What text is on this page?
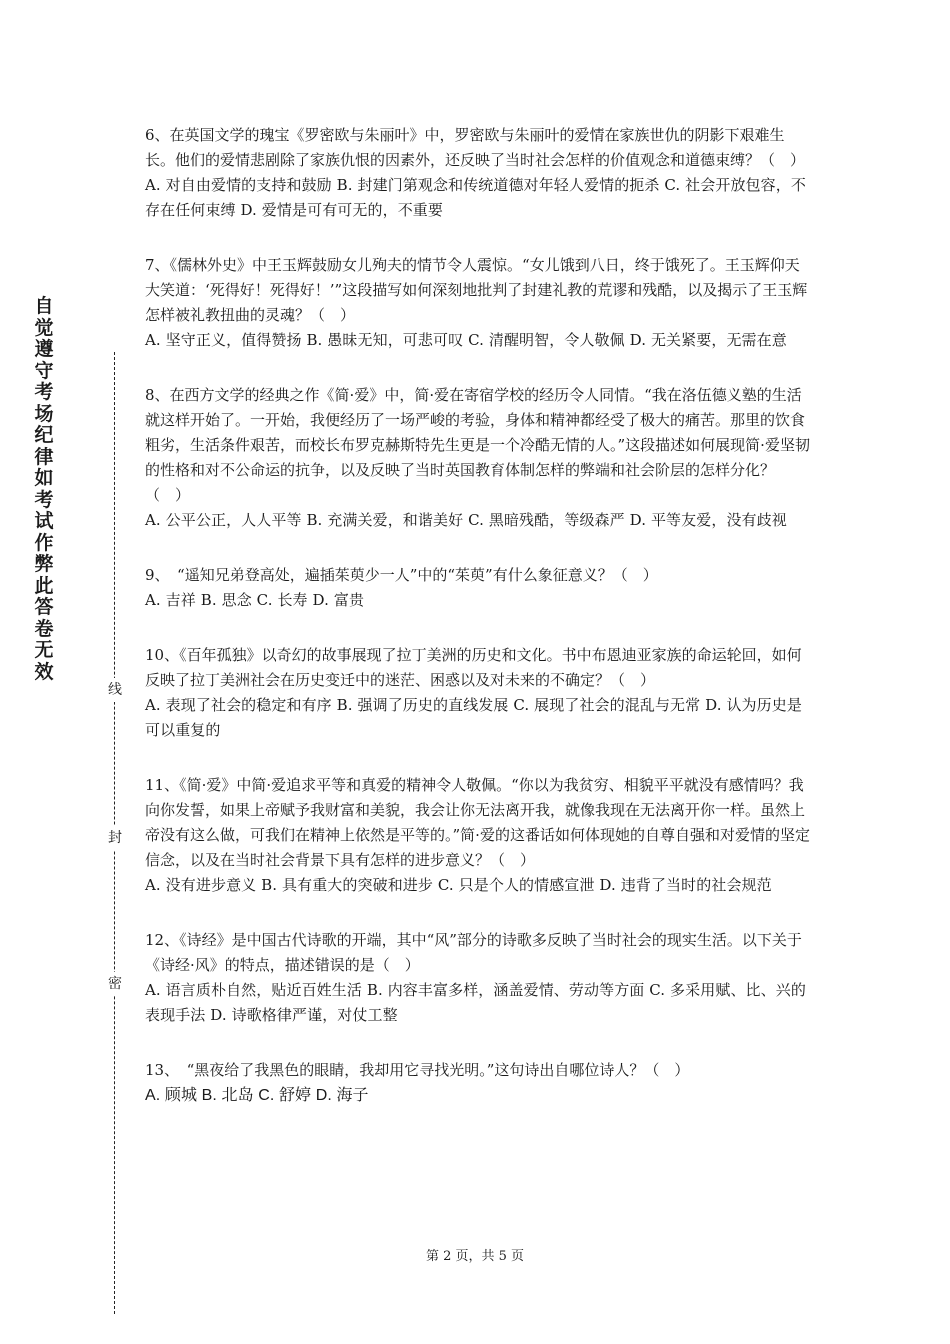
自觉遵守考场纪律如考试作弊此答卷无效
线
封
密

6、在英国文学的瑰宝《罗密欧与朱丽叶》中，罗密欧与朱丽叶的爱情在家族世仇的阴影下艰难生长。他们的爱情悲剧除了家族仇恨的因素外，还反映了当时社会怎样的价值观念和道德束缚？（　）

A. 对自由爱情的支持和鼓励 B. 封建门第观念和传统道德对年轻人爱情的扼杀 C. 社会开放包容，不存在任何束缚 D. 爱情是可有可无的，不重要

7、《儒林外史》中王玉辉鼓励女儿殉夫的情节令人震惊。“女儿饿到八日，终于饿死了。王玉辉仰天大笑道：‘死得好！死得好！’”这段描写如何深刻地批判了封建礼教的荒谬和残酷，以及揭示了王玉辉怎样被礼教扭曲的灵魂？（　）

A. 坚守正义，值得赞扬 B. 愚昧无知，可悲可叹 C. 清醒明智，令人敬佩 D. 无关紧要，无需在意

8、在西方文学的经典之作《简·爱》中，简·爱在寄宿学校的经历令人同情。“我在洛伍德义塾的生活就这样开始了。一开始，我便经历了一场严峻的考验，身体和精神都经受了极大的痛苦。那里的饮食粗劣，生活条件艰苦，而校长布罗克赫斯特先生更是一个冷酷无情的人。”这段描述如何展现简·爱坚韧的性格和对不公命运的抗争，以及反映了当时英国教育体制怎样的弊端和社会阶层的怎样分化？（　）

A. 公平公正，人人平等 B. 充满关爱，和谐美好 C. 黑暗残酷，等级森严 D. 平等友爱，没有歧视

9、　“遥知兄弟登高处，遍插茱萸少一人”中的“茱萸”有什么象征意义？（　）

A. 吉祥 B. 思念 C. 长寿 D. 富贵

10、《百年孤独》以奇幻的故事展现了拉丁美洲的历史和文化。书中布恩迪亚家族的命运轮回，如何反映了拉丁美洲社会在历史变迁中的迷茫、困惑以及对未来的不确定？（　）

A. 表现了社会的稳定和有序 B. 强调了历史的直线发展 C. 展现了社会的混乱与无常 D. 认为历史是可以重复的

11、《简·爱》中简·爱追求平等和真爱的精神令人敬佩。“你以为我贫穷、相貌平平就没有感情吗？我向你发誓，如果上帝赋予我财富和美貌，我会让你无法离开我，就像我现在无法离开你一样。虽然上帝没有这么做，可我们在精神上依然是平等的。”简·爱的这番话如何体现她的自尊自强和对爱情的坚定信念，以及在当时社会背景下具有怎样的进步意义？（　）

A. 没有进步意义 B. 具有重大的突破和进步 C. 只是个人的情感宣泄 D. 违背了当时的社会规范

12、《诗经》是中国古代诗歌的开端，其中“风”部分的诗歌多反映了当时社会的现实生活。以下关于《诗经·风》的特点，描述错误的是（　）

A. 语言质朴自然，贴近百姓生活 B. 内容丰富多样，涵盖爱情、劳动等方面 C. 多采用赋、比、兴的表现手法 D. 诗歌格律严谨，对仗工整

13、　“黑夜给了我黑色的眼睛，我却用它寻找光明。”这句诗出自哪位诗人？（　）

A. 顾城 B. 北岛 C. 舒婷 D. 海子

第 2 页，共 5 页
